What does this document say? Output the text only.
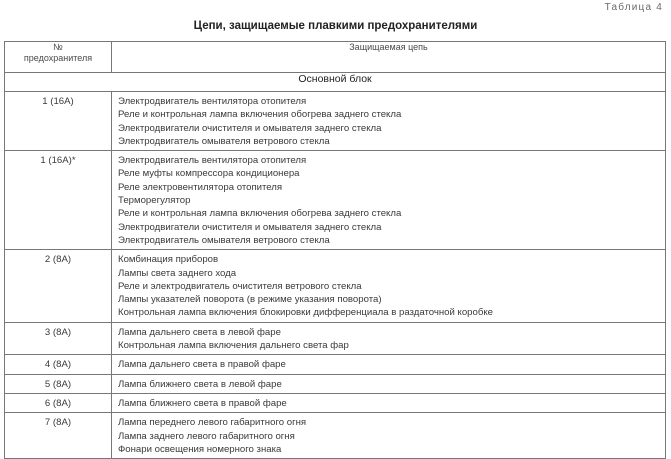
Таблица 4
Цепи, защищаемые плавкими предохранителями
№
предохранителя	Защищаемая цепь
Основной блок	
1 (16А)	Электродвигатель вентилятора отопителя
Реле и контрольная лампа включения обогрева заднего стекла
Электродвигатели очистителя и омывателя заднего стекла
Электродвигатель омывателя ветрового стекла

1 (16А)*	Электродвигатель вентилятора отопителя
Реле муфты компрессора кондиционера
Реле электровентилятора отопителя
Терморегулятор
Реле и контрольная лампа включения обогрева заднего стекла
Электродвигатели очистителя и омывателя заднего стекла
Электродвигатель омывателя ветрового стекла

2 (8А)	Комбинация приборов
Лампы света заднего хода
Реле и электродвигатель очистителя ветрового стекла
Лампы указателей поворота (в режиме указания поворота)
Контрольная лампа включения блокировки дифференциала в раздаточной коробке

3 (8А)	Лампа дальнего света в левой фаре
Контрольная лампа включения дальнего света фар

4 (8А)	Лампа дальнего света в правой фаре

5 (8А)	Лампа ближнего света в левой фаре

6 (8А)	Лампа ближнего света в правой фаре

7 (8А)	Лампа переднего левого габаритного огня
Лампа заднего левого габаритного огня
Фонари освещения номерного знака
